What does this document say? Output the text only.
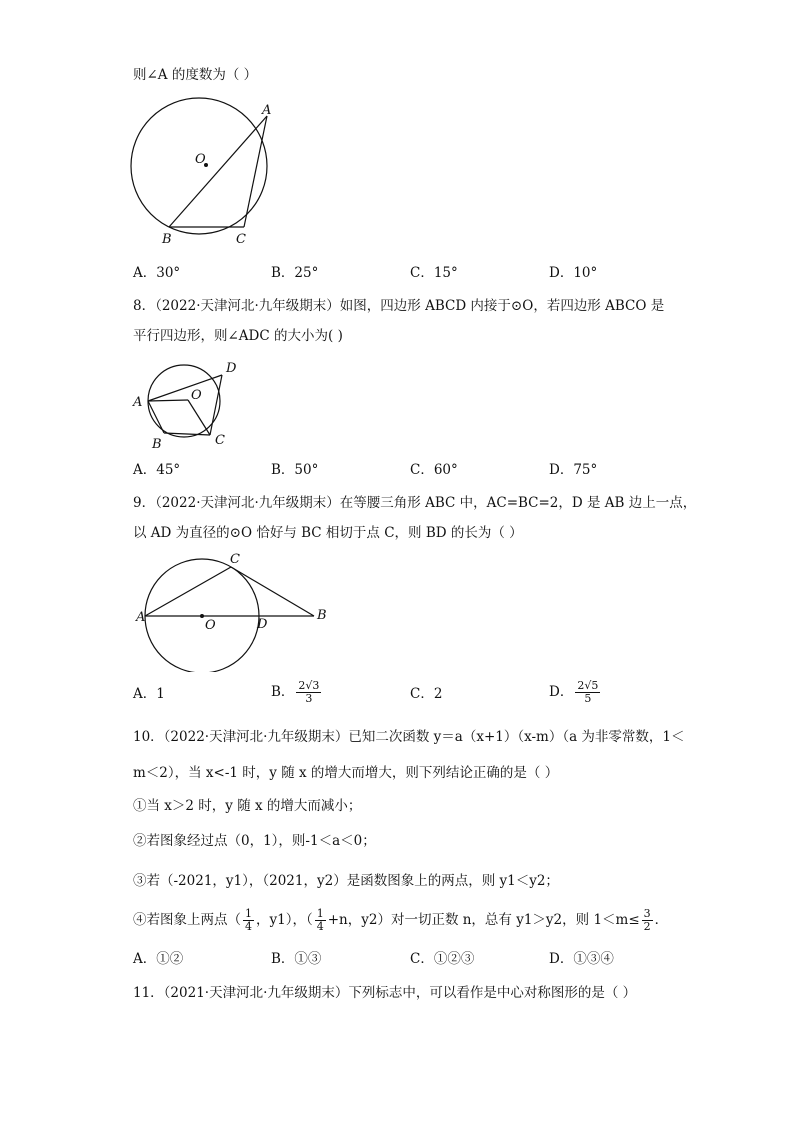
则∠A 的度数为（ ）
O
A
B	C
A．30°	B．25°	C．15°	D．10°
8．（2022·天津河北·九年级期末）如图，四边形 ABCD 内接于⊙O，若四边形 ABCO 是
平行四边形，则∠ADC 的大小为( )
A
B	C
D
O
A．45°	B．50°	C．60°	D．75°
9．（2022·天津河北·九年级期末）在等腰三角形 ABC 中，AC=BC=2，D 是 AB 边上一点，
以 AD 为直径的⊙O 恰好与 BC 相切于点 C，则 BD 的长为（ ）
A	B
C
D
O
A．1	B． $\frac{2√3}{3}$	C．2	D． $\frac{2√5}{5}$
10．（2022·天津河北·九年级期末）已知二次函数 y＝a（x+1）（x-m）（a 为非零常数，1＜
m＜2），当 x<-1 时，y 随 x 的增大而增大，则下列结论正确的是（ ）
①当 x＞2 时，y 随 x 的增大而减小；
②若图象经过点（0，1），则-1＜a＜0；
③若（-2021，y1），（2021，y2）是函数图象上的两点，则 y1＜y2；
④若图象上两点（ $\frac{1}{4}$ ，y1），（ $\frac{1}{4} +n$，y2）对一切正数 n，总有 y1＞y2，则 $1<m\le \frac{3}{2}$ ．
A．①②	B．①③	C．①②③	D．①③④
11．（2021·天津河北·九年级期末）下列标志中，可以看作是中心对称图形的是（ ）
